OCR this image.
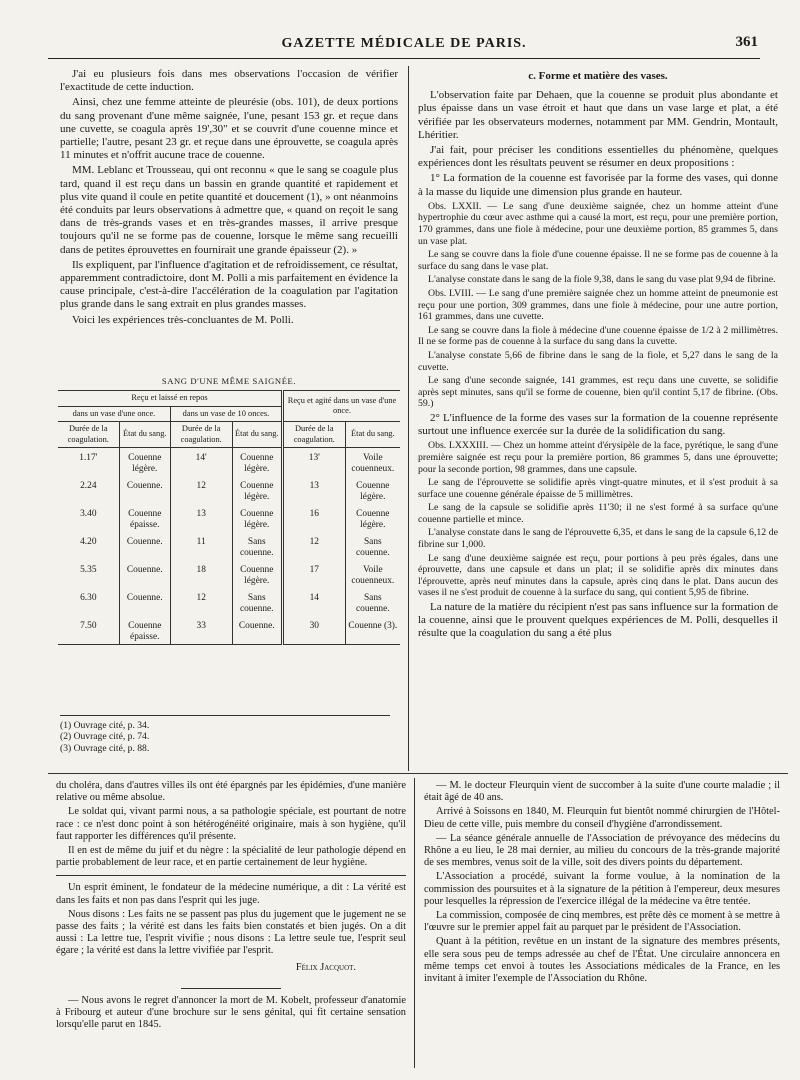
GAZETTE MÉDICALE DE PARIS.	361

J'ai eu plusieurs fois dans mes observations l'occasion de vérifier l'exactitude de cette induction.

Ainsi, chez une femme atteinte de pleurésie (obs. 101), de deux portions du sang provenant d'une même saignée, l'une, pesant 153 gr. et reçue dans une cuvette, se coagula après 19',30" et se couvrit d'une couenne mince et partielle; l'autre, pesant 23 gr. et reçue dans une éprouvette, se coagula après 11 minutes et n'offrit aucune trace de couenne.

MM. Leblanc et Trousseau, qui ont reconnu « que le sang se coagule plus tard, quand il est reçu dans un bassin en grande quantité et rapidement et plus vite quand il coule en petite quantité et doucement (1), » ont néanmoins été conduits par leurs observations à admettre que, « quand on reçoit le sang dans de très-grands vases et en très-grandes masses, il arrive presque toujours qu'il ne se forme pas de couenne, lorsque le même sang recueilli dans de petites éprouvettes en fournirait une grande épaisseur (2). »

Ils expliquent, par l'influence d'agitation et de refroidissement, ce résultat, apparemment contradictoire, dont M. Polli a mis parfaitement en évidence la cause principale, c'est-à-dire l'accélération de la coagulation par l'agitation plus grande dans le sang extrait en plus grandes masses.

Voici les expériences très-concluantes de M. Polli.

SANG D'UNE MÊME SAIGNÉE.
Reçu et laissé en repos				Reçu et agité dans un vase d'une once.	
dans un vase d'une once.		dans un vase de 10 onces.			
Durée de la coagulation.	État du sang.	Durée de la coagulation.	État du sang.	Durée de la coagulation.	État du sang.
1.17'	Couenne légère.	14'	Couenne légère.	13'	Voile couenneux.
2.24	Couenne.	12	Couenne légère.	13	Couenne légère.
3.40	Couenne épaisse.	13	Couenne légère.	16	Couenne légère.
4.20	Couenne.	11	Sans couenne.	12	Sans couenne.
5.35	Couenne.	18	Couenne légère.	17	Voile couenneux.
6.30	Couenne.	12	Sans couenne.	14	Sans couenne.
7.50	Couenne épaisse.	33	Couenne.	30	Couenne (3).
(1) Ouvrage cité, p. 34.
(2) Ouvrage cité, p. 74.
(3) Ouvrage cité, p. 88.
c. Forme et matière des vases.

L'observation faite par Dehaen, que la couenne se produit plus abondante et plus épaisse dans un vase étroit et haut que dans un vase large et plat, a été vérifiée par les observateurs modernes, notamment par MM. Gendrin, Montault, Lhéritier.

J'ai fait, pour préciser les conditions essentielles du phénomène, quelques expériences dont les résultats peuvent se résumer en deux propositions :

1° La formation de la couenne est favorisée par la forme des vases, qui donne à la masse du liquide une dimension plus grande en hauteur.

Obs. LXXII. — Le sang d'une deuxième saignée, chez un homme atteint d'une hypertrophie du cœur avec asthme qui a causé la mort, est reçu, pour une première portion, 170 grammes, dans une fiole à médecine, pour une deuxième portion, 85 grammes 5, dans un vase plat.

Le sang se couvre dans la fiole d'une couenne épaisse. Il ne se forme pas de couenne à la surface du sang dans le vase plat.

L'analyse constate dans le sang de la fiole 9,38, dans le sang du vase plat 9,94 de fibrine.

Obs. LVIII. — Le sang d'une première saignée chez un homme atteint de pneumonie est reçu pour une portion, 309 grammes, dans une fiole à médecine, pour une autre portion, 161 grammes, dans une cuvette.

Le sang se couvre dans la fiole à médecine d'une couenne épaisse de 1/2 à 2 millimètres. Il ne se forme pas de couenne à la surface du sang dans la cuvette.

L'analyse constate 5,66 de fibrine dans le sang de la fiole, et 5,27 dans le sang de la cuvette.

Le sang d'une seconde saignée, 141 grammes, est reçu dans une cuvette, se solidifie après sept minutes, sans qu'il se forme de couenne, bien qu'il contint 5,17 de fibrine. (Obs. 59.)

2° L'influence de la forme des vases sur la formation de la couenne représente surtout une influence exercée sur la durée de la solidification du sang.

Obs. LXXXIII. — Chez un homme atteint d'érysipèle de la face, pyrétique, le sang d'une première saignée est reçu pour la première portion, 86 grammes 5, dans une éprouvette; pour la seconde portion, 98 grammes, dans une capsule.

Le sang de l'éprouvette se solidifie après vingt-quatre minutes, et il s'est produit à sa surface une couenne générale épaisse de 5 millimètres.

Le sang de la capsule se solidifie après 11'30; il ne s'est formé à sa surface qu'une couenne partielle et mince.

L'analyse constate dans le sang de l'éprouvette 6,35, et dans le sang de la capsule 6,12 de fibrine sur 1,000.

Le sang d'une deuxième saignée est reçu, pour portions à peu près égales, dans une éprouvette, dans une capsule et dans un plat; il se solidifie après dix minutes dans l'éprouvette, après neuf minutes dans la capsule, après cinq dans le plat. Dans aucun des vases il ne s'est produit de couenne à la surface du sang, qui contient 5,95 de fibrine.

La nature de la matière du récipient n'est pas sans influence sur la formation de la couenne, ainsi que le prouvent quelques expériences de M. Polli, desquelles il résulte que la coagulation du sang a été plus

du choléra, dans d'autres villes ils ont été épargnés par les épidémies, d'une manière relative ou même absolue.

Le soldat qui, vivant parmi nous, a sa pathologie spéciale, est pourtant de notre race : ce n'est donc point à son hétérogénéité originaire, mais à son hygiène, qu'il faut rapporter les différences qu'il présente.

Il en est de même du juif et du nègre : la spécialité de leur pathologie dépend en partie probablement de leur race, et en partie certainement de leur hygiène.

Un esprit éminent, le fondateur de la médecine numérique, a dit : La vérité est dans les faits et non pas dans l'esprit qui les juge.

Nous disons : Les faits ne se passent pas plus du jugement que le jugement ne se passe des faits ; la vérité est dans les faits bien constatés et bien jugés. On a dit aussi : La lettre tue, l'esprit vivifie ; nous disons : La lettre seule tue, l'esprit seul égare ; la vérité est dans la lettre vivifiée par l'esprit.

Félix Jacquot.

— Nous avons le regret d'annoncer la mort de M. Kobelt, professeur d'anatomie à Fribourg et auteur d'une brochure sur le sens génital, qui fit certaine sensation lorsqu'elle parut en 1845.

— M. le docteur Fleurquin vient de succomber à la suite d'une courte maladie ; il était âgé de 40 ans.

Arrivé à Soissons en 1840, M. Fleurquin fut bientôt nommé chirurgien de l'Hôtel-Dieu de cette ville, puis membre du conseil d'hygiène d'arrondissement.

— La séance générale annuelle de l'Association de prévoyance des médecins du Rhône a eu lieu, le 28 mai dernier, au milieu du concours de la très-grande majorité de ses membres, venus soit de la ville, soit des divers points du département.

L'Association a procédé, suivant la forme voulue, à la nomination de la commission des poursuites et à la signature de la pétition à l'empereur, deux mesures pour lesquelles la répression de l'exercice illégal de la médecine va être tentée.

La commission, composée de cinq membres, est prête dès ce moment à se mettre à l'œuvre sur le premier appel fait au parquet par le président de l'Association.

Quant à la pétition, revêtue en un instant de la signature des membres présents, elle sera sous peu de temps adressée au chef de l'État. Une circulaire annoncera en même temps cet envoi à toutes les Associations médicales de la France, en les invitant à imiter l'exemple de l'Association du Rhône.
